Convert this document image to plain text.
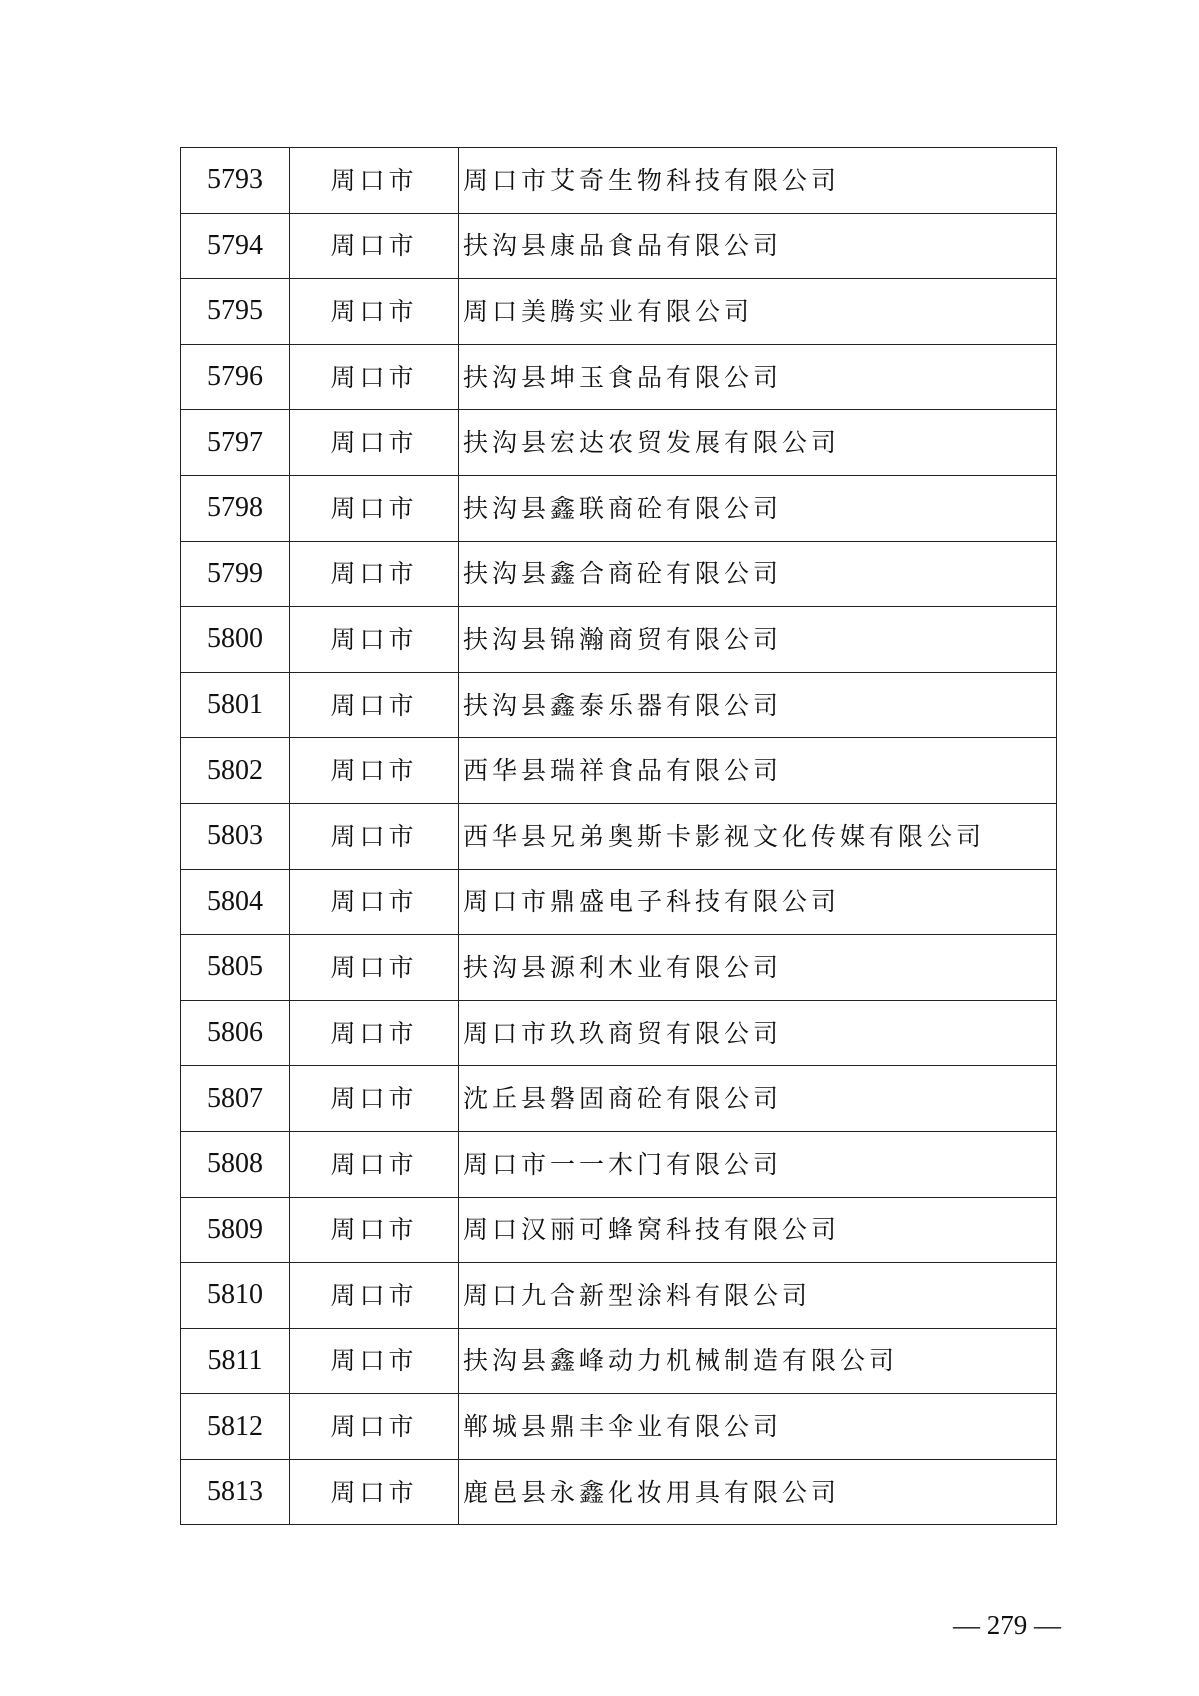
5793	周口市	周口市艾奇生物科技有限公司
5794	周口市	扶沟县康品食品有限公司
5795	周口市	周口美腾实业有限公司
5796	周口市	扶沟县坤玉食品有限公司
5797	周口市	扶沟县宏达农贸发展有限公司
5798	周口市	扶沟县鑫联商砼有限公司
5799	周口市	扶沟县鑫合商砼有限公司
5800	周口市	扶沟县锦瀚商贸有限公司
5801	周口市	扶沟县鑫泰乐器有限公司
5802	周口市	西华县瑞祥食品有限公司
5803	周口市	西华县兄弟奥斯卡影视文化传媒有限公司
5804	周口市	周口市鼎盛电子科技有限公司
5805	周口市	扶沟县源利木业有限公司
5806	周口市	周口市玖玖商贸有限公司
5807	周口市	沈丘县磐固商砼有限公司
5808	周口市	周口市一一木门有限公司
5809	周口市	周口汉丽可蜂窝科技有限公司
5810	周口市	周口九合新型涂料有限公司
5811	周口市	扶沟县鑫峰动力机械制造有限公司
5812	周口市	郸城县鼎丰伞业有限公司
5813	周口市	鹿邑县永鑫化妆用具有限公司
— 279 —
